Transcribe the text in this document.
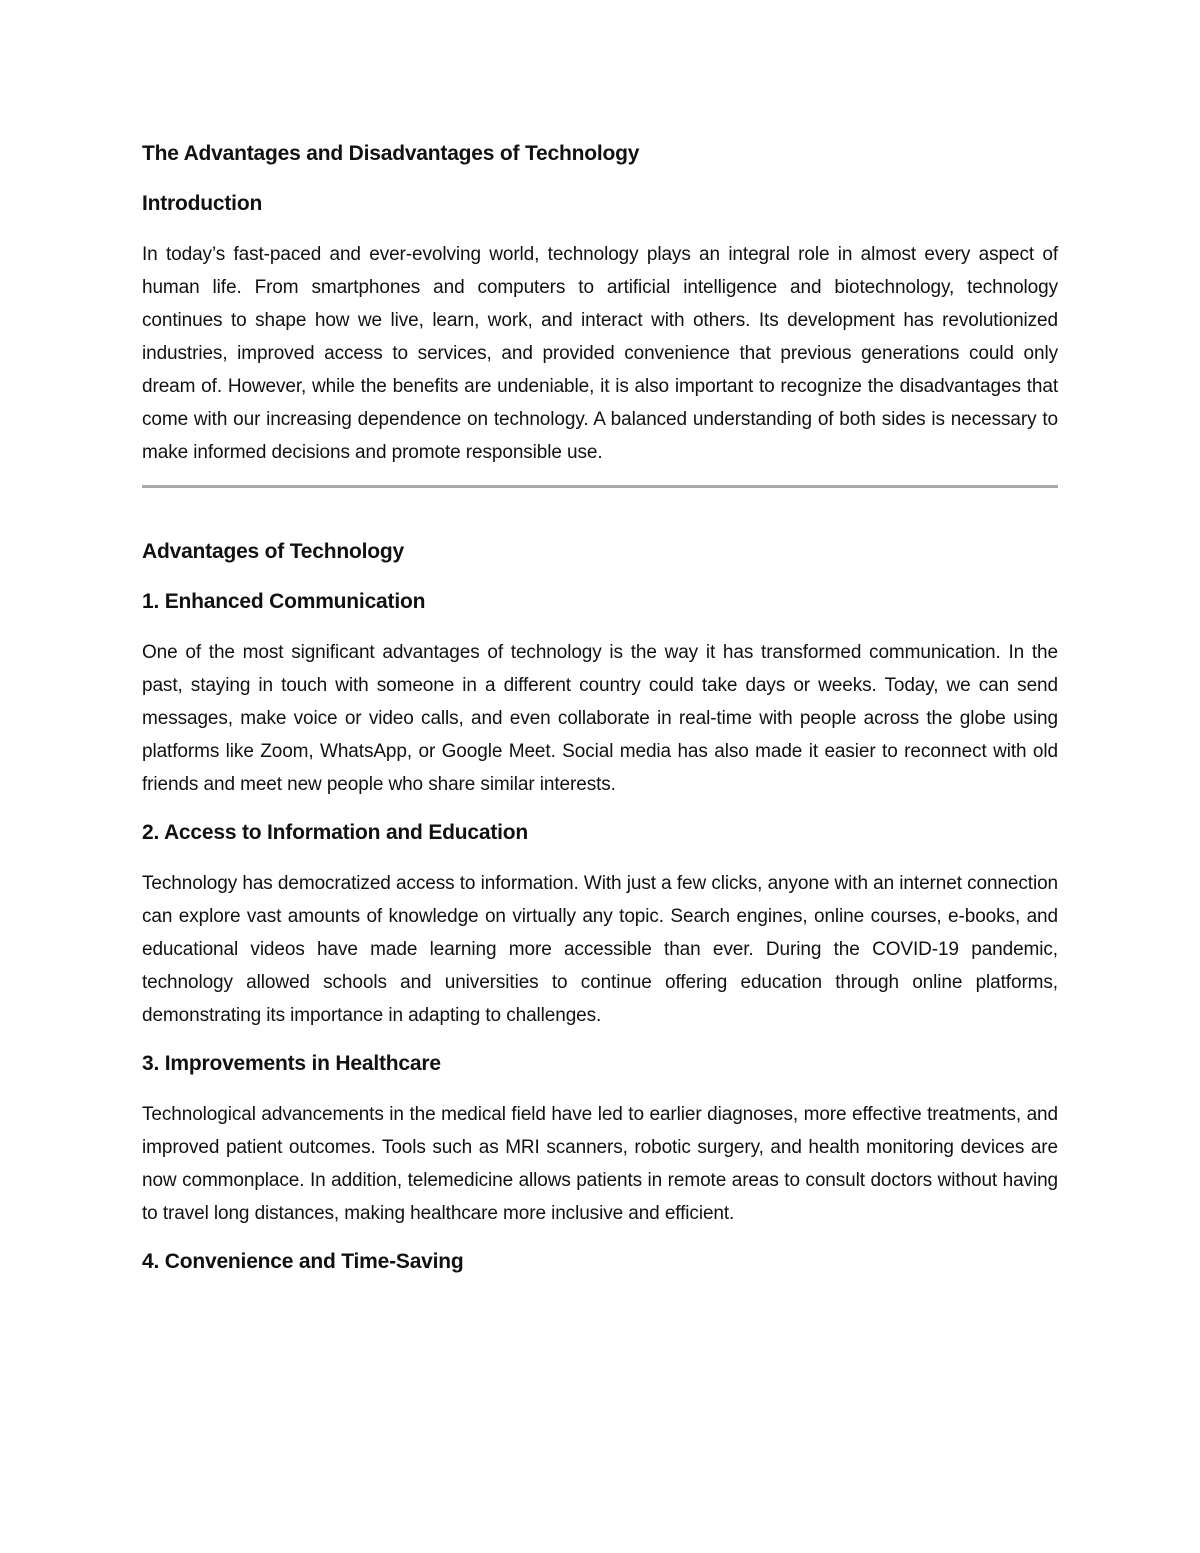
The Advantages and Disadvantages of Technology
Introduction

In today’s fast-paced and ever-evolving world, technology plays an integral role in almost every aspect of human life. From smartphones and computers to artificial intelligence and biotechnology, technology continues to shape how we live, learn, work, and interact with others. Its development has revolutionized industries, improved access to services, and provided convenience that previous generations could only dream of. However, while the benefits are undeniable, it is also important to recognize the disadvantages that come with our increasing dependence on technology. A balanced understanding of both sides is necessary to make informed decisions and promote responsible use.

Advantages of Technology
1. Enhanced Communication

One of the most significant advantages of technology is the way it has transformed communication. In the past, staying in touch with someone in a different country could take days or weeks. Today, we can send messages, make voice or video calls, and even collaborate in real-time with people across the globe using platforms like Zoom, WhatsApp, or Google Meet. Social media has also made it easier to reconnect with old friends and meet new people who share similar interests.

2. Access to Information and Education

Technology has democratized access to information. With just a few clicks, anyone with an internet connection can explore vast amounts of knowledge on virtually any topic. Search engines, online courses, e-books, and educational videos have made learning more accessible than ever. During the COVID-19 pandemic, technology allowed schools and universities to continue offering education through online platforms, demonstrating its importance in adapting to challenges.

3. Improvements in Healthcare

Technological advancements in the medical field have led to earlier diagnoses, more effective treatments, and improved patient outcomes. Tools such as MRI scanners, robotic surgery, and health monitoring devices are now commonplace. In addition, telemedicine allows patients in remote areas to consult doctors without having to travel long distances, making healthcare more inclusive and efficient.

4. Convenience and Time-Saving
